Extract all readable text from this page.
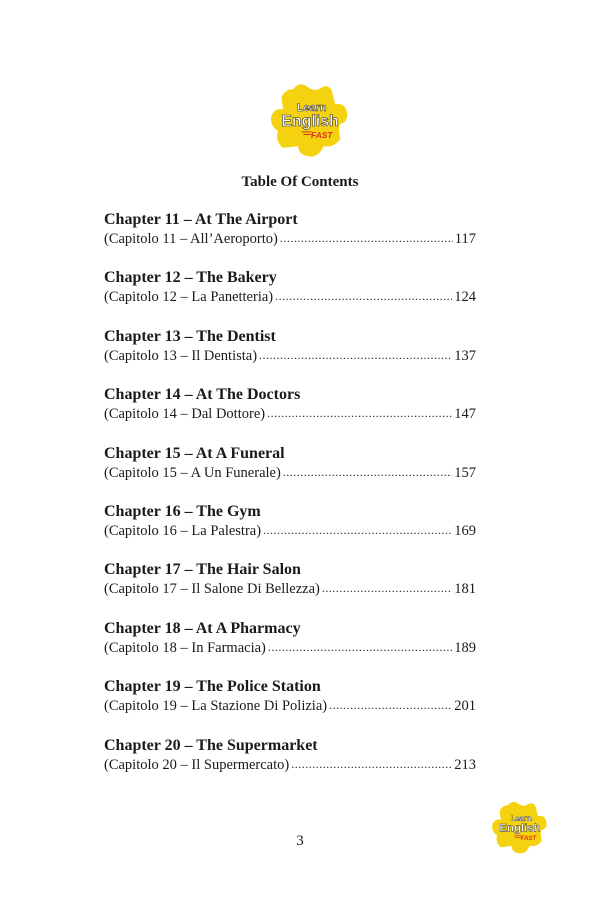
Learn
English
FAST
Table Of Contents
Chapter 11 – At The Airport
(Capitolo 11 – All’Aeroporto) .....	117
Chapter 12 – The Bakery
(Capitolo 12 – La Panetteria) .....	124
Chapter 13 – The Dentist
(Capitolo 13 – Il Dentista) .....	137
Chapter 14 – At The Doctors
(Capitolo 14 – Dal Dottore) .....	147
Chapter 15 – At A Funeral
(Capitolo 15 – A Un Funerale) .....	157
Chapter 16 – The Gym
(Capitolo 16 – La Palestra) .....	169
Chapter 17 – The Hair Salon
(Capitolo 17 – Il Salone Di Bellezza) .....	181
Chapter 18 – At A Pharmacy
(Capitolo 18 – In Farmacia) .....	189
Chapter 19 – The Police Station
(Capitolo 19 – La Stazione Di Polizia) .....	201
Chapter 20 – The Supermarket
(Capitolo 20 – Il Supermercato) .....	213
Learn
English
FAST
3
